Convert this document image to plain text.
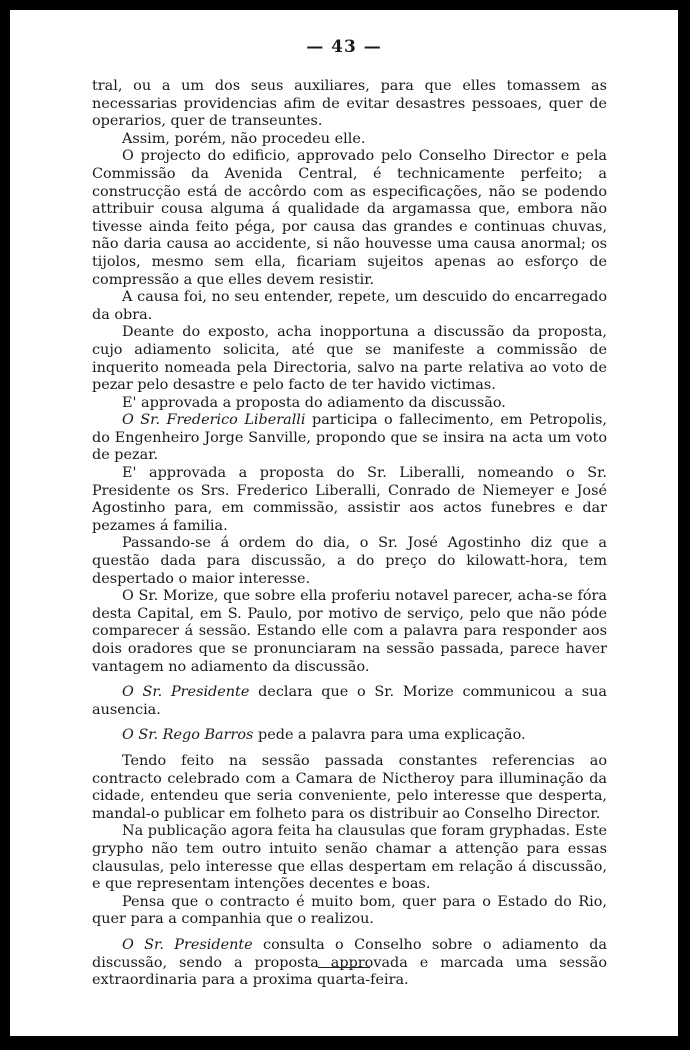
— 43 —

tral, ou a um dos seus auxiliares, para que elles tomassem as necessarias providencias afim de evitar desastres pessoaes, quer de operarios, quer de transeuntes.

Assim, porém, não procedeu elle.

O projecto do edificio, approvado pelo Conselho Director e pela Commissão da Avenida Central, é technicamente perfeito; a construcção está de accôrdo com as especificações, não se podendo attribuir cousa alguma á qualidade da argamassa que, embora não tivesse ainda feito péga, por causa das grandes e continuas chuvas, não daria causa ao accidente, si não houvesse uma causa anormal; os tijolos, mesmo sem ella, ficariam sujeitos apenas ao esforço de compressão a que elles devem resistir.

A causa foi, no seu entender, repete, um descuido do encarregado da obra.

Deante do exposto, acha inopportuna a discussão da proposta, cujo adiamento solicita, até que se manifeste a commissão de inquerito nomeada pela Directoria, salvo na parte relativa ao voto de pezar pelo desastre e pelo facto de ter havido victimas.

E' approvada a proposta do adiamento da discussão.

O Sr. Frederico Liberalli participa o fallecimento, em Petropolis, do Engenheiro Jorge Sanville, propondo que se insira na acta um voto de pezar.

E' approvada a proposta do Sr. Liberalli, nomeando o Sr. Presidente os Srs. Frederico Liberalli, Conrado de Niemeyer e José Agostinho para, em commissão, assistir aos actos funebres e dar pezames á familia.

Passando-se á ordem do dia, o Sr. José Agostinho diz que a questão dada para discussão, a do preço do kilowatt-hora, tem despertado o maior interesse.

O Sr. Morize, que sobre ella proferiu notavel parecer, acha-se fóra desta Capital, em S. Paulo, por motivo de serviço, pelo que não póde comparecer á sessão. Estando elle com a palavra para responder aos dois oradores que se pronunciaram na sessão passada, parece haver vantagem no adiamento da discussão.

O Sr. Presidente declara que o Sr. Morize communicou a sua ausencia.

O Sr. Rego Barros pede a palavra para uma explicação.

Tendo feito na sessão passada constantes referencias ao contracto celebrado com a Camara de Nictheroy para illuminação da cidade, entendeu que seria conveniente, pelo interesse que desperta, mandal-o publicar em folheto para os distribuir ao Conselho Director.

Na publicação agora feita ha clausulas que foram gryphadas. Este grypho não tem outro intuito senão chamar a attenção para essas clausulas, pelo interesse que ellas despertam em relação á discussão, e que representam intenções decentes e boas.

Pensa que o contracto é muito bom, quer para o Estado do Rio, quer para a companhia que o realizou.

O Sr. Presidente consulta o Conselho sobre o adiamento da discussão, sendo a proposta approvada e marcada uma sessão extraordinaria para a proxima quarta-feira.
